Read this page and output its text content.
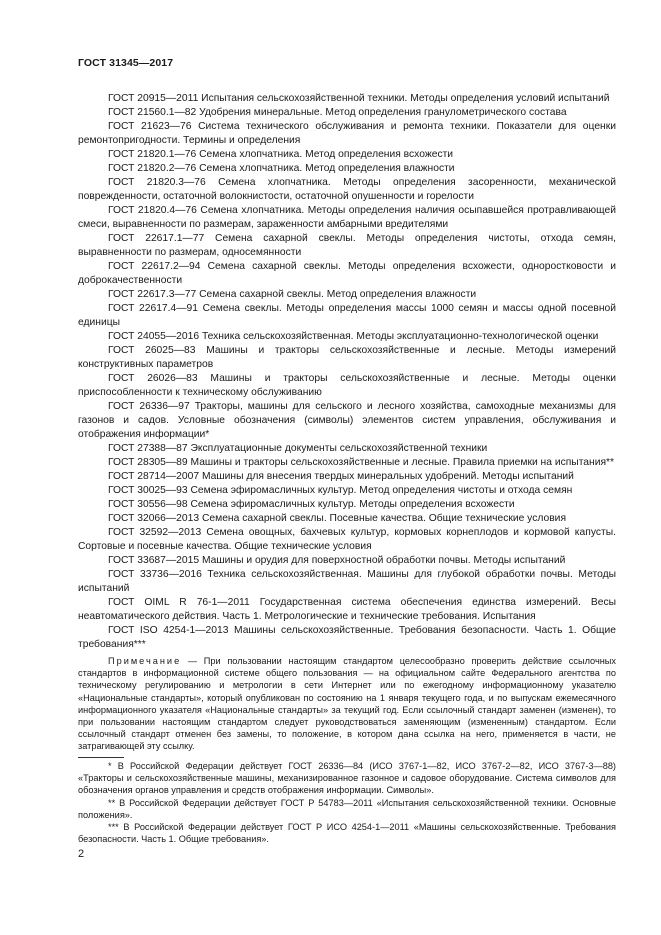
ГОСТ 31345—2017

ГОСТ 20915—2011 Испытания сельскохозяйственной техники. Методы определения условий испытаний

ГОСТ 21560.1—82 Удобрения минеральные. Метод определения гранулометрического состава

ГОСТ 21623—76 Система технического обслуживания и ремонта техники. Показатели для оценки ремонтопригодности. Термины и определения

ГОСТ 21820.1—76 Семена хлопчатника. Метод определения всхожести

ГОСТ 21820.2—76 Семена хлопчатника. Метод определения влажности

ГОСТ 21820.3—76 Семена хлопчатника. Методы определения засоренности, механической поврежденности, остаточной волокнистости, остаточной опушенности и горелости

ГОСТ 21820.4—76 Семена хлопчатника. Методы определения наличия осыпавшейся протравливающей смеси, выравненности по размерам, зараженности амбарными вредителями

ГОСТ 22617.1—77 Семена сахарной свеклы. Методы определения чистоты, отхода семян, выравненности по размерам, односемянности

ГОСТ 22617.2—94 Семена сахарной свеклы. Методы определения всхожести, одноростковости и доброкачественности

ГОСТ 22617.3—77 Семена сахарной свеклы. Метод определения влажности

ГОСТ 22617.4—91 Семена свеклы. Методы определения массы 1000 семян и массы одной посевной единицы

ГОСТ 24055—2016 Техника сельскохозяйственная. Методы эксплуатационно-технологической оценки

ГОСТ 26025—83 Машины и тракторы сельскохозяйственные и лесные. Методы измерений конструктивных параметров

ГОСТ 26026—83 Машины и тракторы сельскохозяйственные и лесные. Методы оценки приспособленности к техническому обслуживанию

ГОСТ 26336—97 Тракторы, машины для сельского и лесного хозяйства, самоходные механизмы для газонов и садов. Условные обозначения (символы) элементов систем управления, обслуживания и отображения информации*

ГОСТ 27388—87 Эксплуатационные документы сельскохозяйственной техники

ГОСТ 28305—89 Машины и тракторы сельскохозяйственные и лесные. Правила приемки на испытания**

ГОСТ 28714—2007 Машины для внесения твердых минеральных удобрений. Методы испытаний

ГОСТ 30025—93 Семена эфиромасличных культур. Метод определения чистоты и отхода семян

ГОСТ 30556—98 Семена эфиромасличных культур. Методы определения всхожести

ГОСТ 32066—2013 Семена сахарной свеклы. Посевные качества. Общие технические условия

ГОСТ 32592—2013 Семена овощных, бахчевых культур, кормовых корнеплодов и кормовой капусты. Сортовые и посевные качества. Общие технические условия

ГОСТ 33687—2015 Машины и орудия для поверхностной обработки почвы. Методы испытаний

ГОСТ 33736—2016 Техника сельскохозяйственная. Машины для глубокой обработки почвы. Методы испытаний

ГОСТ OIML R 76-1—2011 Государственная система обеспечения единства измерений. Весы неавтоматического действия. Часть 1. Метрологические и технические требования. Испытания

ГОСТ ISO 4254-1—2013 Машины сельскохозяйственные. Требования безопасности. Часть 1. Общие требования***

Примечание — При пользовании настоящим стандартом целесообразно проверить действие ссылочных стандартов в информационной системе общего пользования — на официальном сайте Федерального агентства по техническому регулированию и метрологии в сети Интернет или по ежегодному информационному указателю «Национальные стандарты», который опубликован по состоянию на 1 января текущего года, и по выпускам ежемесячного информационного указателя «Национальные стандарты» за текущий год. Если ссылочный стандарт заменен (изменен), то при пользовании настоящим стандартом следует руководствоваться заменяющим (измененным) стандартом. Если ссылочный стандарт отменен без замены, то положение, в котором дана ссылка на него, применяется в части, не затрагивающей эту ссылку.

* В Российской Федерации действует ГОСТ 26336—84 (ИСО 3767-1—82, ИСО 3767-2—82, ИСО 3767-3—88) «Тракторы и сельскохозяйственные машины, механизированное газонное и садовое оборудование. Система символов для обозначения органов управления и средств отображения информации. Символы».

** В Российской Федерации действует ГОСТ Р 54783—2011 «Испытания сельскохозяйственной техники. Основные положения».

*** В Российской Федерации действует ГОСТ Р ИСО 4254-1—2011 «Машины сельскохозяйственные. Требования безопасности. Часть 1. Общие требования».

2
